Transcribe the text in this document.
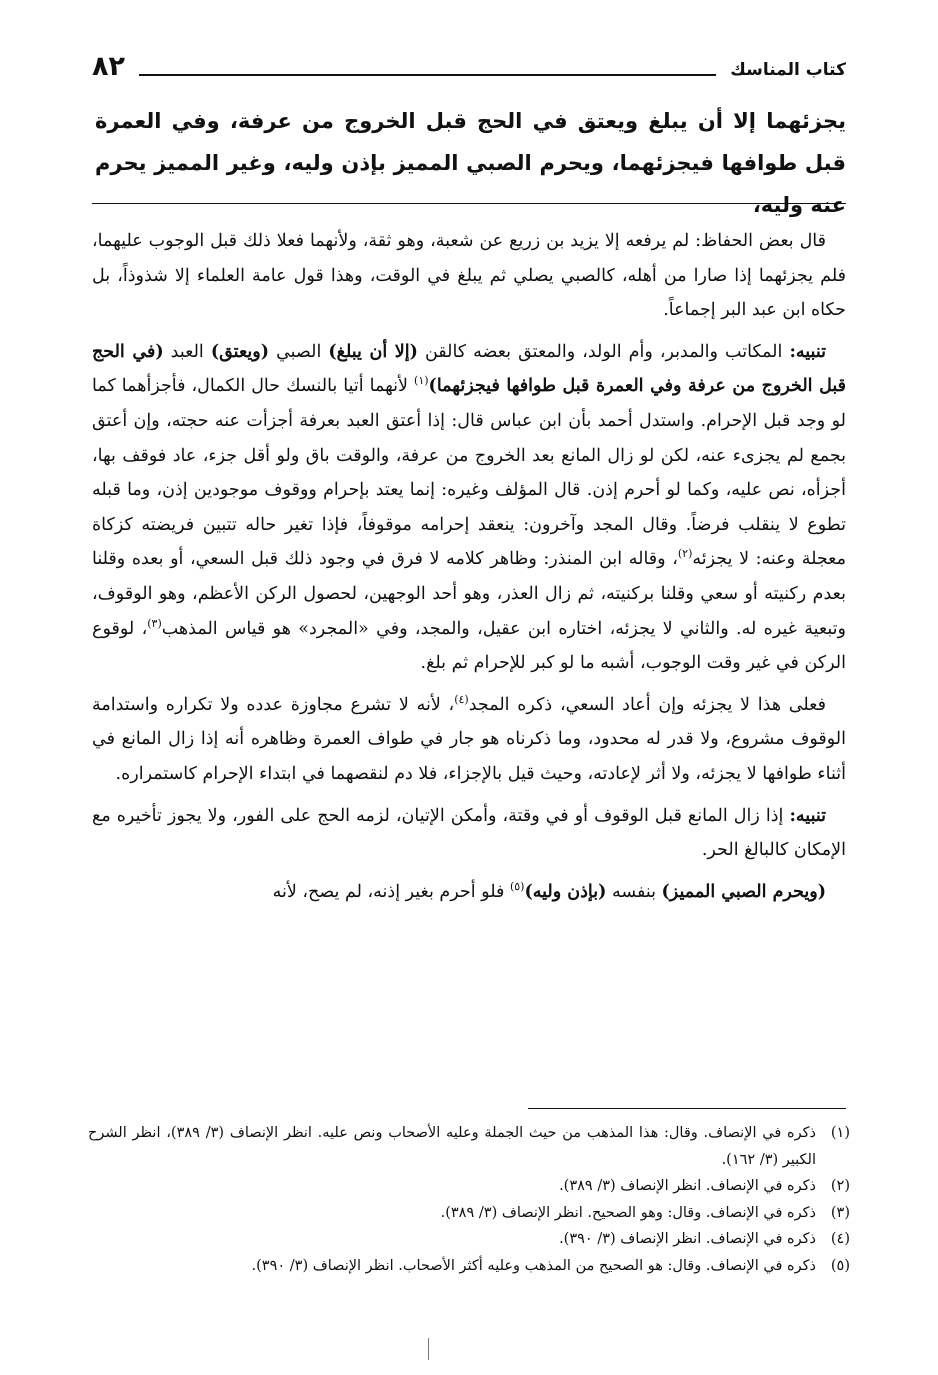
٨٢	كتاب المناسك
يجزئهما إلا أن يبلغ ويعتق في الحج قبل الخروج من عرفة، وفي العمرة قبل طوافها فيجزئهما، ويحرم الصبي المميز بإذن وليه، وغير المميز يحرم عنه وليه،

قال بعض الحفاظ: لم يرفعه إلا يزيد بن زريع عن شعبة، وهو ثقة، ولأنهما فعلا ذلك قبل الوجوب عليهما، فلم يجزئهما إذا صارا من أهله، كالصبي يصلي ثم يبلغ في الوقت، وهذا قول عامة العلماء إلا شذوذاً، بل حكاه ابن عبد البر إجماعاً.

تنبيه: المكاتب والمدبر، وأم الولد، والمعتق بعضه كالقن (إلا أن يبلغ) الصبي (ويعتق) العبد (في الحج قبل الخروج من عرفة وفي العمرة قبل طوافها فيجزئهما)$^{(١)}$ لأنهما أتيا بالنسك حال الكمال، فأجزأهما كما لو وجد قبل الإحرام. واستدل أحمد بأن ابن عباس قال: إذا أعتق العبد بعرفة أجزأت عنه حجته، وإن أعتق بجمع لم يجزىء عنه، لكن لو زال المانع بعد الخروج من عرفة، والوقت باق ولو أقل جزء، عاد فوقف بها، أجزأه، نص عليه، وكما لو أحرم إذن. قال المؤلف وغيره: إنما يعتد بإحرام ووقوف موجودين إذن، وما قبله تطوع لا ينقلب فرضاً. وقال المجد وآخرون: ينعقد إحرامه موقوفاً، فإذا تغير حاله تتبين فريضته كزكاة معجلة وعنه: لا يجزئه$^{(٢)}$، وقاله ابن المنذر: وظاهر كلامه لا فرق في وجود ذلك قبل السعي، أو بعده وقلنا بعدم ركنيته أو سعي وقلنا بركنيته، ثم زال العذر، وهو أحد الوجهين، لحصول الركن الأعظم، وهو الوقوف، وتبعية غيره له. والثاني لا يجزئه، اختاره ابن عقيل، والمجد، وفي «المجرد» هو قياس المذهب$^{(٣)}$، لوقوع الركن في غير وقت الوجوب، أشبه ما لو كبر للإحرام ثم بلغ.

فعلى هذا لا يجزئه وإن أعاد السعي، ذكره المجد$^{(٤)}$، لأنه لا تشرع مجاوزة عدده ولا تكراره واستدامة الوقوف مشروع، ولا قدر له محدود، وما ذكرناه هو جار في طواف العمرة وظاهره أنه إذا زال المانع في أثناء طوافها لا يجزئه، ولا أثر لإعادته، وحيث قيل بالإجزاء، فلا دم لنقصهما في ابتداء الإحرام كاستمراره.

تنبيه: إذا زال المانع قبل الوقوف أو في وقتة، وأمكن الإتيان، لزمه الحج على الفور، ولا يجوز تأخيره مع الإمكان كالبالغ الحر.

(ويحرم الصبي المميز) بنفسه (بإذن وليه)$^{(٥)}$ فلو أحرم بغير إذنه، لم يصح، لأنه

(١)
ذكره في الإنصاف. وقال: هذا المذهب من حيث الجملة وعليه الأصحاب ونص عليه. انظر الإنصاف (٣/ ٣٨٩)، انظر الشرح الكبير (٣/ ١٦٢).
(٢)
ذكره في الإنصاف. انظر الإنصاف (٣/ ٣٨٩).
(٣)
ذكره في الإنصاف. وقال: وهو الصحيح. انظر الإنصاف (٣/ ٣٨٩).
(٤)
ذكره في الإنصاف. انظر الإنصاف (٣/ ٣٩٠).
(٥)
ذكره في الإنصاف. وقال: هو الصحيح من المذهب وعليه أكثر الأصحاب. انظر الإنصاف (٣/ ٣٩٠).
